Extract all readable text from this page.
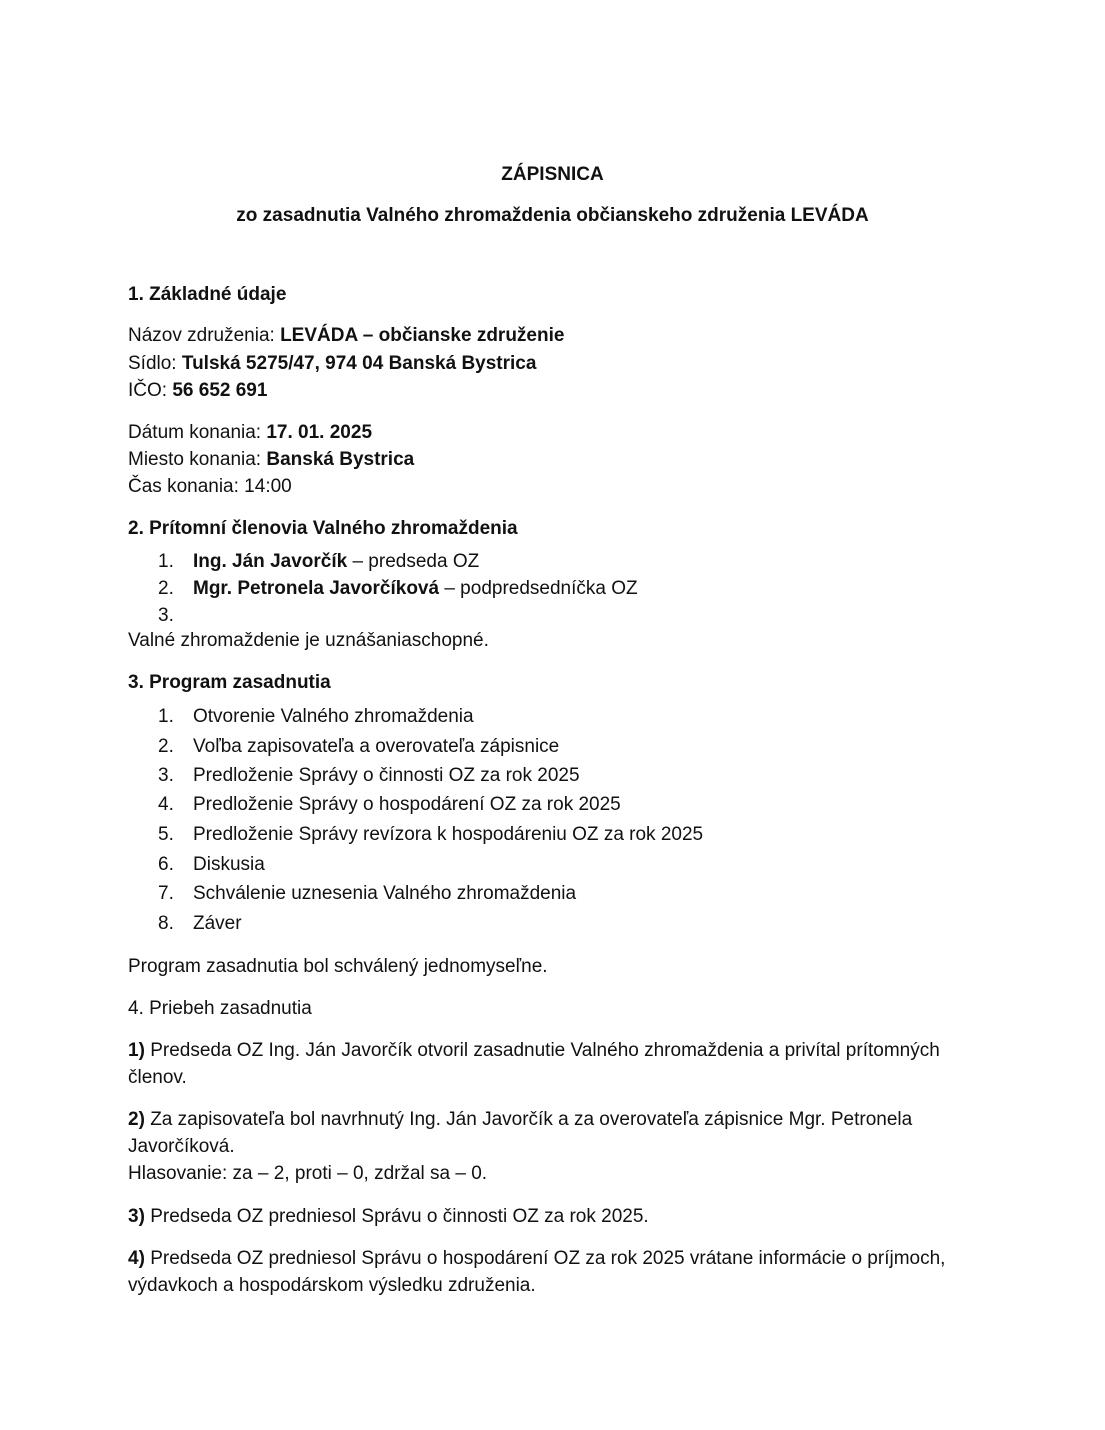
ZÁPISNICA

zo zasadnutia Valného zhromaždenia občianskeho združenia LEVÁDA

1. Základné údaje

Názov združenia: LEVÁDA – občianske združenie

Sídlo: Tulská 5275/47, 974 04 Banská Bystrica

IČO: 56 652 691

Dátum konania: 17. 01. 2025

Miesto konania: Banská Bystrica

Čas konania: 14:00

2. Prítomní členovia Valného zhromaždenia

1. Ing. Ján Javorčík – predseda OZ
2. Mgr. Petronela Javorčíková – podpredsedníčka OZ
3.

Valné zhromaždenie je uznášaniaschopné.

3. Program zasadnutia

1. Otvorenie Valného zhromaždenia
2. Voľba zapisovateľa a overovateľa zápisnice
3. Predloženie Správy o činnosti OZ za rok 2025
4. Predloženie Správy o hospodárení OZ za rok 2025
5. Predloženie Správy revízora k hospodáreniu OZ za rok 2025
6. Diskusia
7. Schválenie uznesenia Valného zhromaždenia
8. Záver

Program zasadnutia bol schválený jednomyseľne.

4. Priebeh zasadnutia

1) Predseda OZ Ing. Ján Javorčík otvoril zasadnutie Valného zhromaždenia a privítal prítomných
členov.
2) Za zapisovateľa bol navrhnutý Ing. Ján Javorčík a za overovateľa zápisnice Mgr. Petronela
Javorčíková.
Hlasovanie: za – 2, proti – 0, zdržal sa – 0.
3) Predseda OZ predniesol Správu o činnosti OZ za rok 2025.
4) Predseda OZ predniesol Správu o hospodárení OZ za rok 2025 vrátane informácie o príjmoch,
výdavkoch a hospodárskom výsledku združenia.
